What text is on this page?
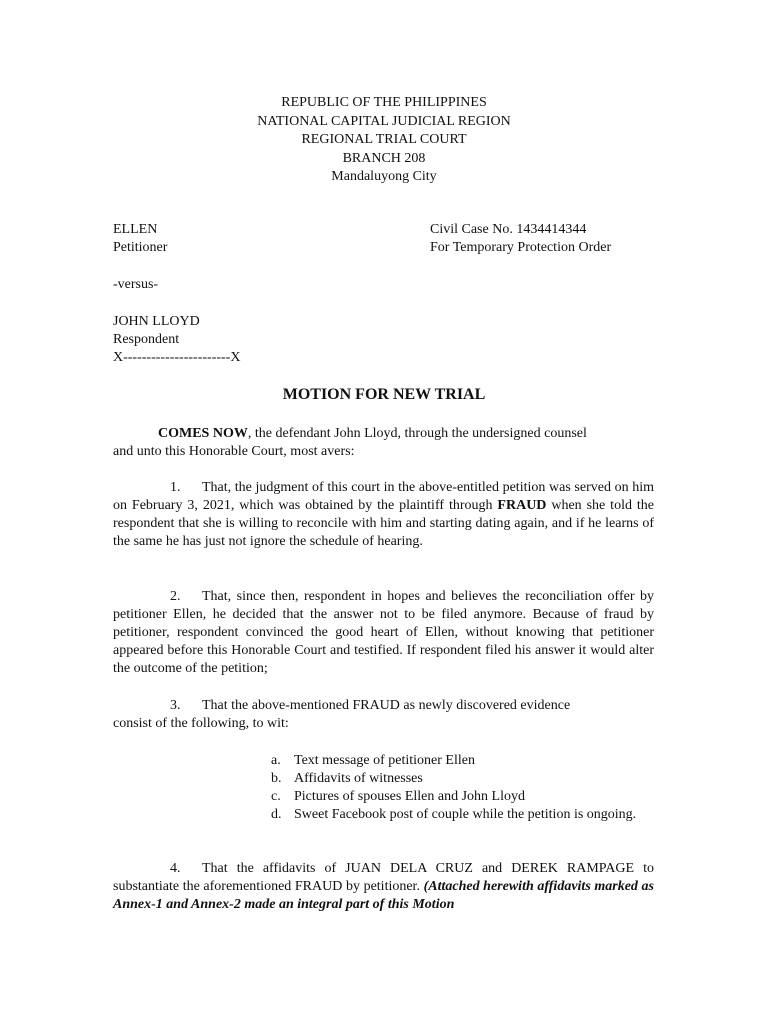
REPUBLIC OF THE PHILIPPINES
NATIONAL CAPITAL JUDICIAL REGION
REGIONAL TRIAL COURT
BRANCH 208
Mandaluyong City
ELLEN
Petitioner
Civil Case No. 1434414344
For Temporary Protection Order
-versus-
JOHN LLOYD
Respondent
X-----------------------X
MOTION FOR NEW TRIAL

COMES NOW, the defendant John Lloyd, through the undersigned counsel

and unto this Honorable Court, most avers:

1. That, the judgment of this court in the above-entitled petition was served on him on February 3, 2021, which was obtained by the plaintiff through FRAUD when she told the respondent that she is willing to reconcile with him and starting dating again, and if he learns of the same he has just not ignore the schedule of hearing.

2. That, since then, respondent in hopes and believes the reconciliation offer by petitioner Ellen, he decided that the answer not to be filed anymore. Because of fraud by petitioner, respondent convinced the good heart of Ellen, without knowing that petitioner appeared before this Honorable Court and testified. If respondent filed his answer it would alter the outcome of the petition;

3. That the above-mentioned FRAUD as newly discovered evidence

consist of the following, to wit:

a. Text message of petitioner Ellen
b. Affidavits of witnesses
c. Pictures of spouses Ellen and John Lloyd
d. Sweet Facebook post of couple while the petition is ongoing.

4. That the affidavits of JUAN DELA CRUZ and DEREK RAMPAGE to substantiate the aforementioned FRAUD by petitioner. (Attached herewith affidavits marked as Annex-1 and Annex-2 made an integral part of this Motion
